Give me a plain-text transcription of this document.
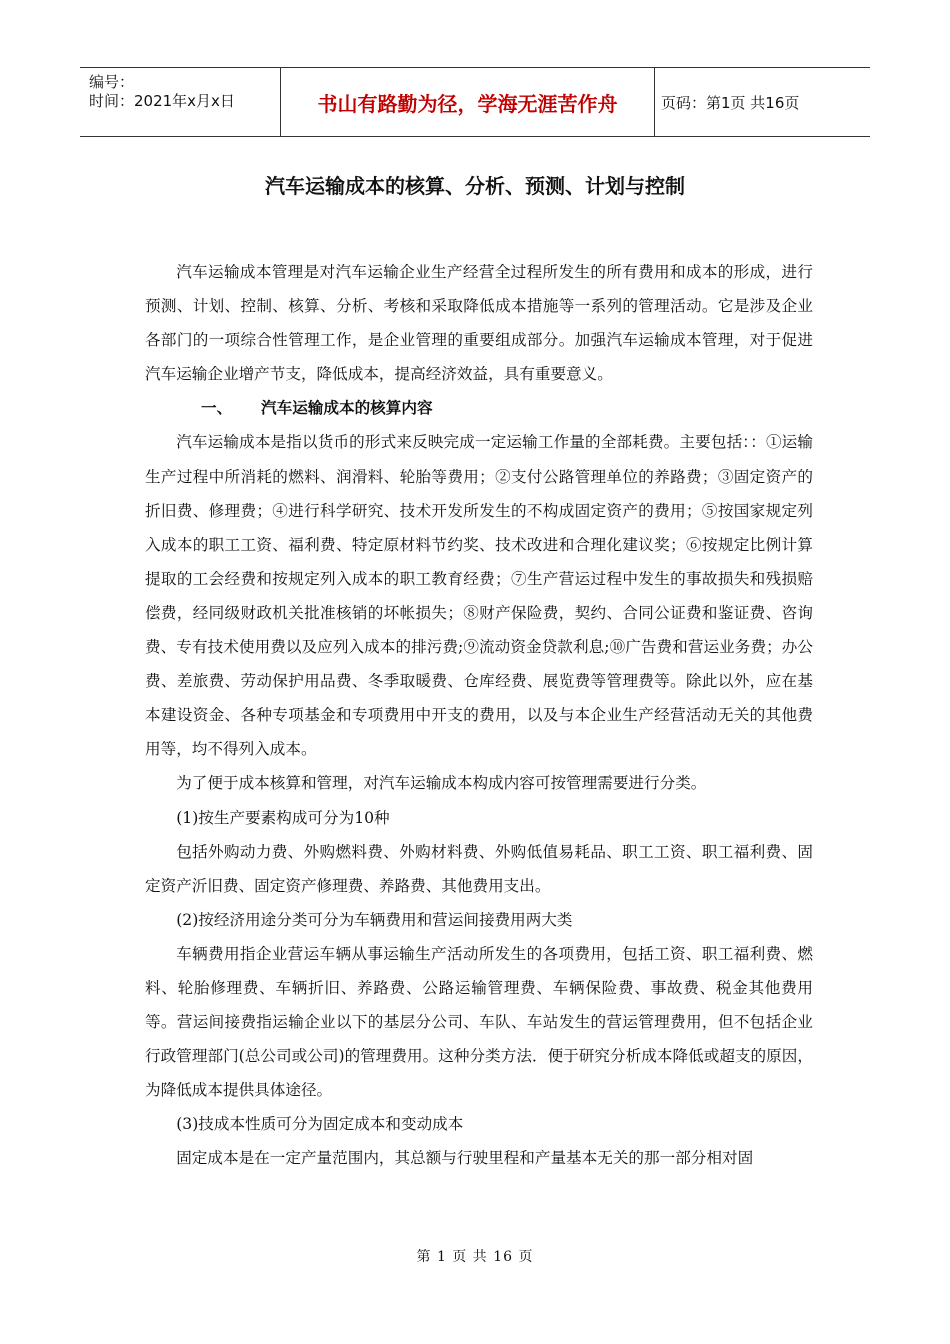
编号：
时间：2021年x月x日	书山有路勤为径，学海无涯苦作舟	页码：第1页 共16页
汽车运输成本的核算、分析、预测、计划与控制

汽车运输成本管理是对汽车运输企业生产经营全过程所发生的所有费用和成本的形成，进行预测、计划、控制、核算、分析、考核和采取降低成本措施等一系列的管理活动。它是涉及企业各部门的一项综合性管理工作，是企业管理的重要组成部分。加强汽车运输成本管理，对于促进汽车运输企业增产节支，降低成本，提高经济效益，具有重要意义。

一、	汽车运输成本的核算内容

汽车运输成本是指以货币的形式来反映完成一定运输工作量的全部耗费。主要包括：：①运输生产过程中所消耗的燃料、润滑料、轮胎等费用；②支付公路管理单位的养路费；③固定资产的折旧费、修理费；④进行科学研究、技术开发所发生的不构成固定资产的费用；⑤按国家规定列入成本的职工工资、福利费、特定原材料节约奖、技术改进和合理化建议奖；⑥按规定比例计算提取的工会经费和按规定列入成本的职工教育经费；⑦生产营运过程中发生的事故损失和残损赔偿费，经同级财政机关批准核销的坏帐损失；⑧财产保险费，契约、合同公证费和鉴证费、咨询费、专有技术使用费以及应列入成本的排污费;⑨流动资金贷款利息;⑩广告费和营运业务费；办公费、差旅费、劳动保护用品费、冬季取暖费、仓库经费、展览费等管理费等。除此以外，应在基本建设资金、各种专项基金和专项费用中开支的费用，以及与本企业生产经营活动无关的其他费用等，均不得列入成本。

为了便于成本核算和管理，对汽车运输成本构成内容可按管理需要进行分类。

(1)按生产要素构成可分为10种

包括外购动力费、外购燃料费、外购材料费、外购低值易耗品、职工工资、职工福利费、固定资产沂旧费、固定资产修理费、养路费、其他费用支出。

(2)按经济用途分类可分为车辆费用和营运间接费用两大类

车辆费用指企业营运车辆从事运输生产活动所发生的各项费用，包括工资、职工福利费、燃料、轮胎修理费、车辆折旧、养路费、公路运输管理费、车辆保险费、事故费、税金其他费用等。营运间接费指运输企业以下的基层分公司、车队、车站发生的营运管理费用，但不包括企业行政管理部门(总公司或公司)的管理费用。这种分类方法．便于研究分析成本降低或超支的原因，为降低成本提供具体途径。

(3)技成本性质可分为固定成本和变动成本

固定成本是在一定产量范围内，其总额与行驶里程和产量基本无关的那一部分相对固

第 1 页 共 16 页
